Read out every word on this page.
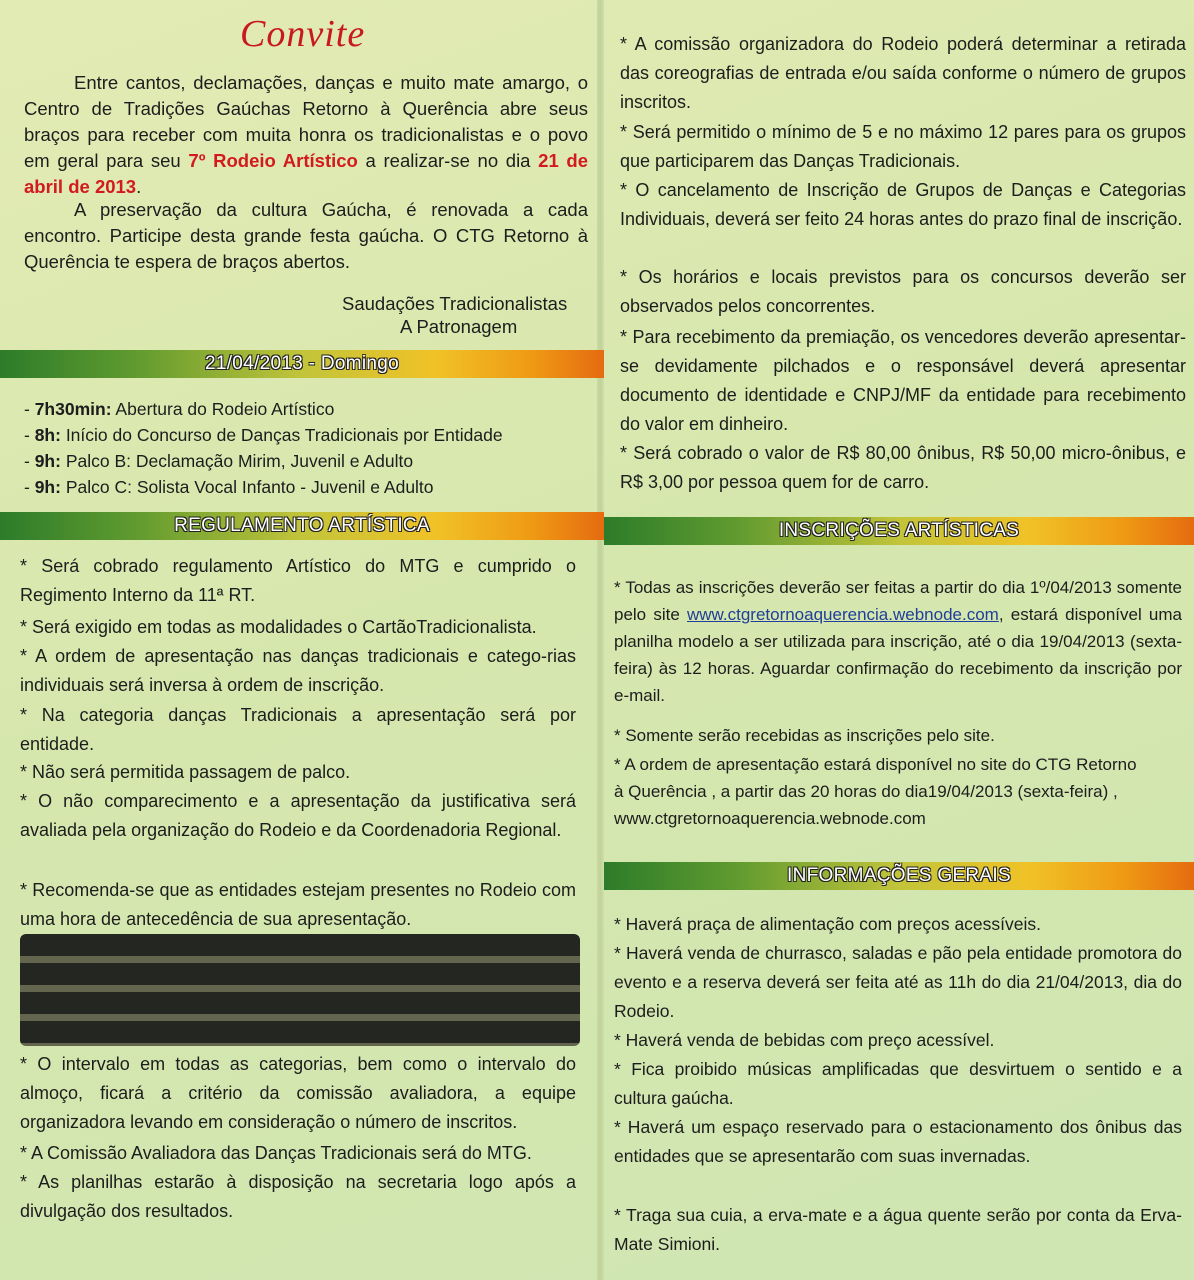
Convite

Entre cantos, declamações, danças e muito mate amargo, o Centro de Tradições Gaúchas Retorno à Querência abre seus braços para receber com muita honra os tradicionalistas e o povo em geral para seu 7º Rodeio Artístico a realizar-se no dia 21 de abril de 2013.

A preservação da cultura Gaúcha, é renovada a cada encontro. Participe desta grande festa gaúcha. O CTG Retorno à Querência te espera de braços abertos.

Saudações Tradicionalistas
A Patronagem
21/04/2013 - Domingo
- 7h30min: Abertura do Rodeio Artístico
- 8h: Início do Concurso de Danças Tradicionais por Entidade
- 9h: Palco B: Declamação Mirim, Juvenil e Adulto
- 9h: Palco C: Solista Vocal Infanto - Juvenil e Adulto
REGULAMENTO ARTÍSTICA

* Será cobrado regulamento Artístico do MTG e cumprido o Regimento Interno da 11ª RT.

* Será exigido em todas as modalidades o CartãoTradicionalista.

* A ordem de apresentação nas danças tradicionais e catego-rias individuais será inversa à ordem de inscrição.

* Na categoria danças Tradicionais a apresentação será por entidade.

* Não será permitida passagem de palco.

* O não comparecimento e a apresentação da justificativa será avaliada pela organização do Rodeio e da Coordenadoria Regional.

* Recomenda-se que as entidades estejam presentes no Rodeio com uma hora de antecedência de sua apresentação.

* O intervalo em todas as categorias, bem como o intervalo do almoço, ficará a critério da comissão avaliadora, a equipe organizadora levando em consideração o número de inscritos.

* A Comissão Avaliadora das Danças Tradicionais será do MTG.

* As planilhas estarão à disposição na secretaria logo após a divulgação dos resultados.

* A comissão organizadora do Rodeio poderá determinar a retirada das coreografias de entrada e/ou saída conforme o número de grupos inscritos.

* Será permitido o mínimo de 5 e no máximo 12 pares para os grupos que participarem das Danças Tradicionais.

* O cancelamento de Inscrição de Grupos de Danças e Categorias Individuais, deverá ser feito 24 horas antes do prazo final de inscrição.

* Os horários e locais previstos para os concursos deverão ser observados pelos concorrentes.

* Para recebimento da premiação, os vencedores deverão apresentar- se devidamente pilchados e o responsável deverá apresentar documento de identidade e CNPJ/MF da entidade para recebimento do valor em dinheiro.

* Será cobrado o valor de R$ 80,00 ônibus, R$ 50,00 micro-ônibus, e R$ 3,00 por pessoa quem for de carro.

INSCRIÇÕES ARTÍSTICAS

* Todas as inscrições deverão ser feitas a partir do dia 1º/04/2013 somente pelo site www.ctgretornoaquerencia.webnode.com, estará disponível uma planilha modelo a ser utilizada para inscrição, até o dia 19/04/2013 (sexta-feira) às 12 horas. Aguardar confirmação do recebimento da inscrição por e-mail.

* Somente serão recebidas as inscrições pelo site.

* A ordem de apresentação estará disponível no site do CTG Retorno à Querência , a partir das 20 horas do dia19/04/2013 (sexta-feira) , www.ctgretornoaquerencia.webnode.com

INFORMAÇÕES GERAIS

* Haverá praça de alimentação com preços acessíveis.

* Haverá venda de churrasco, saladas e pão pela entidade promotora do evento e a reserva deverá ser feita até as 11h do dia 21/04/2013, dia do Rodeio.

* Haverá venda de bebidas com preço acessível.

* Fica proibido músicas amplificadas que desvirtuem o sentido e a cultura gaúcha.

* Haverá um espaço reservado para o estacionamento dos ônibus das entidades que se apresentarão com suas invernadas.

* Traga sua cuia, a erva-mate e a água quente serão por conta da Erva-Mate Simioni.
